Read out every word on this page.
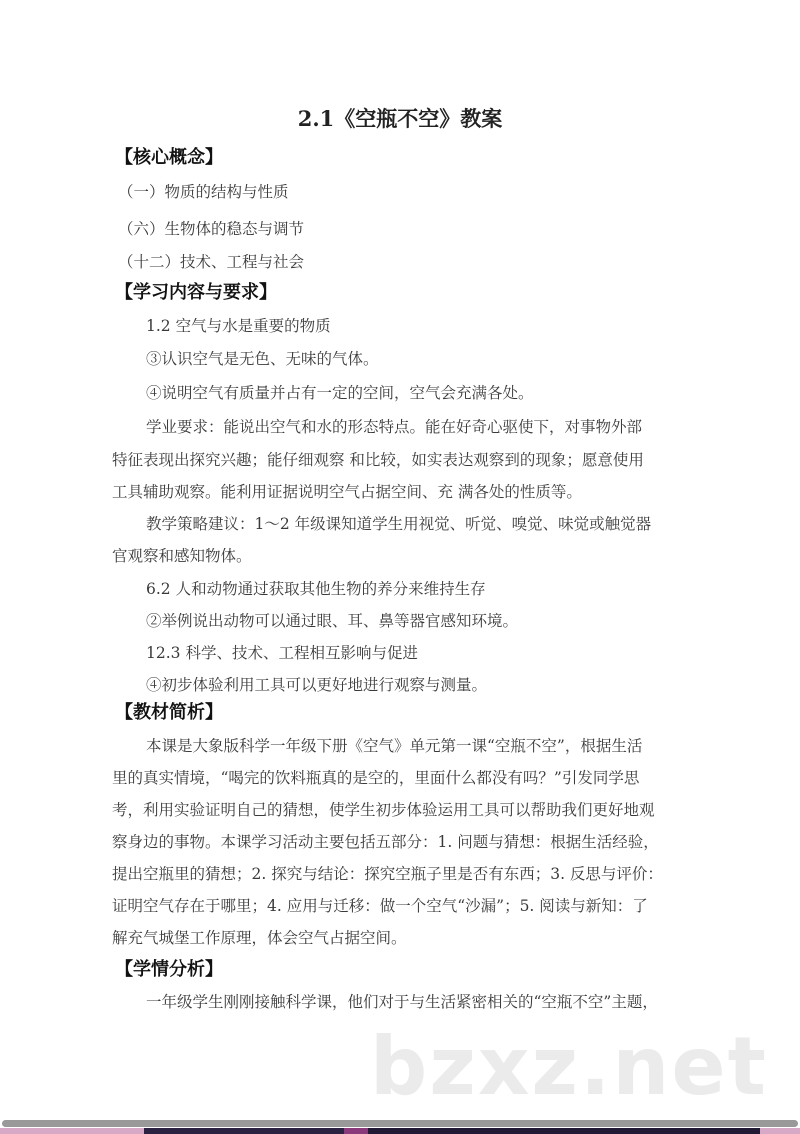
2.1《空瓶不空》教案
【核心概念】
（一）物质的结构与性质
（六）生物体的稳态与调节
（十二）技术、工程与社会
【学习内容与要求】
1.2 空气与水是重要的物质
③认识空气是无色、无味的气体。
④说明空气有质量并占有一定的空间，空气会充满各处。
学业要求：能说出空气和水的形态特点。能在好奇心驱使下，对事物外部
特征表现出探究兴趣；能仔细观察 和比较，如实表达观察到的现象；愿意使用
工具辅助观察。能利用证据说明空气占据空间、充 满各处的性质等。
教学策略建议：1～2 年级课知道学生用视觉、听觉、嗅觉、味觉或触觉器
官观察和感知物体。
6.2 人和动物通过获取其他生物的养分来维持生存
②举例说出动物可以通过眼、耳、鼻等器官感知环境。
12.3 科学、技术、工程相互影响与促进
④初步体验利用工具可以更好地进行观察与测量。
【教材简析】
本课是大象版科学一年级下册《空气》单元第一课“空瓶不空”，根据生活
里的真实情境，“喝完的饮料瓶真的是空的，里面什么都没有吗？”引发同学思
考，利用实验证明自己的猜想，使学生初步体验运用工具可以帮助我们更好地观
察身边的事物。本课学习活动主要包括五部分：1. 问题与猜想：根据生活经验，
提出空瓶里的猜想；2. 探究与结论：探究空瓶子里是否有东西；3. 反思与评价：
证明空气存在于哪里；4. 应用与迁移：做一个空气“沙漏”；5. 阅读与新知：了
解充气城堡工作原理，体会空气占据空间。
【学情分析】
一年级学生刚刚接触科学课，他们对于与生活紧密相关的“空瓶不空”主题，
bzxz.net
